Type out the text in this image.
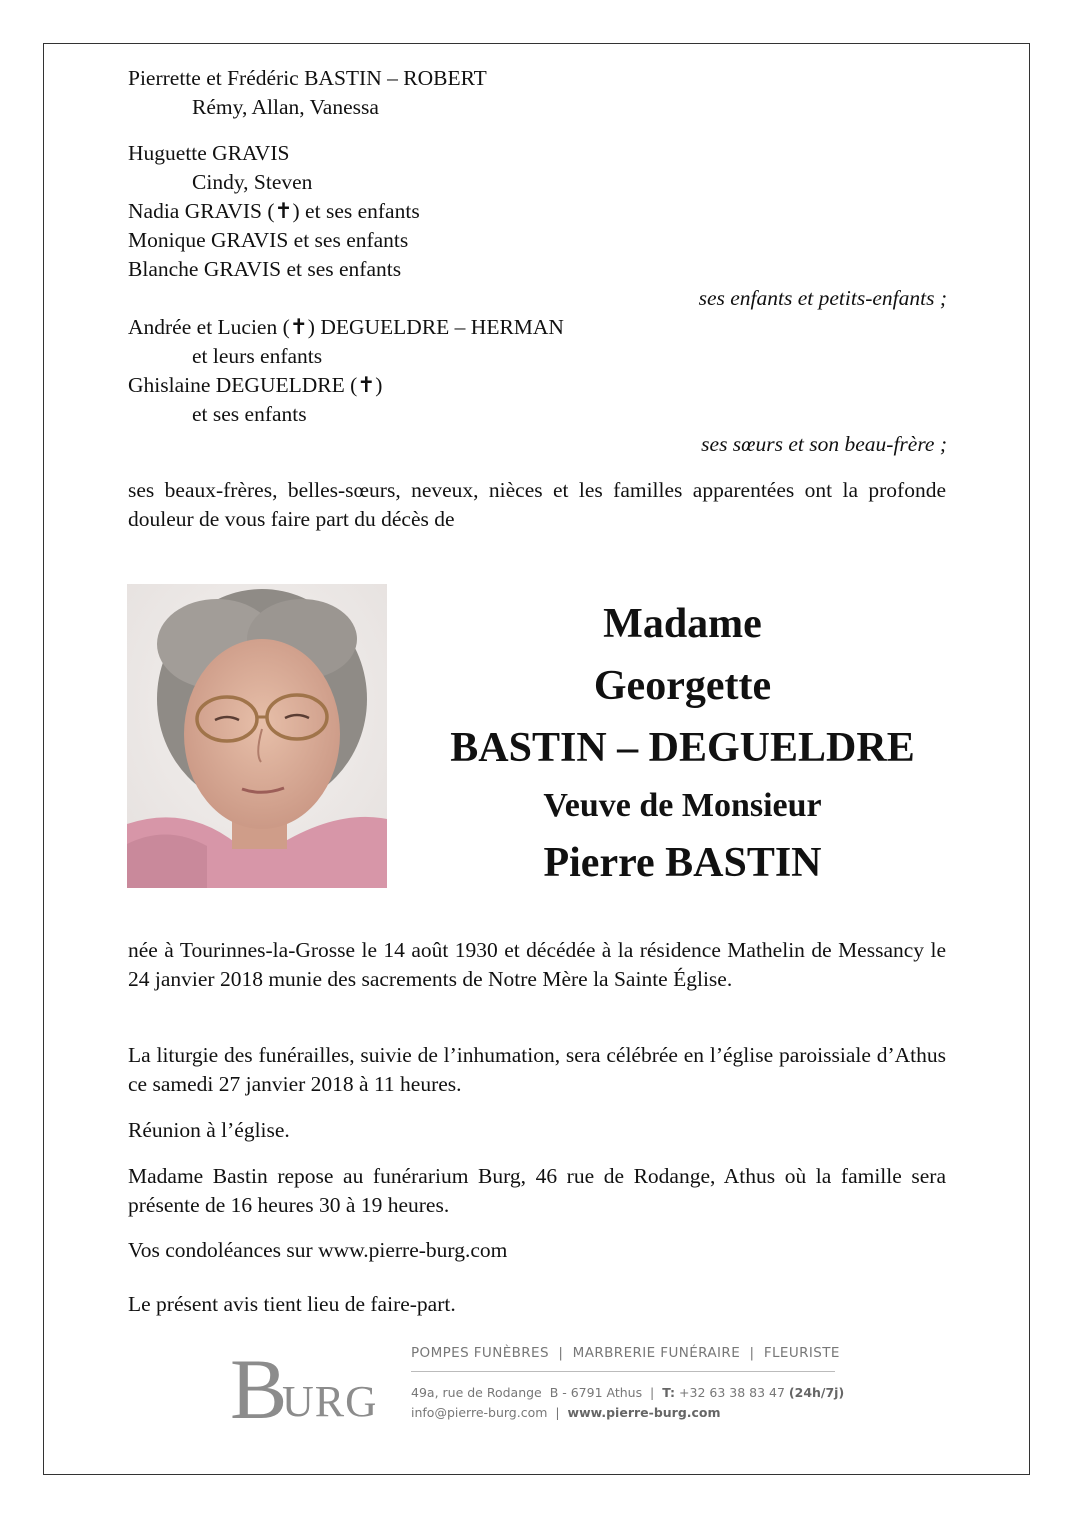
Pierrette et Frédéric BASTIN – ROBERT
Rémy, Allan, Vanessa
Huguette GRAVIS
Cindy, Steven
Nadia GRAVIS (✝) et ses enfants
Monique GRAVIS et ses enfants
Blanche GRAVIS et ses enfants
ses enfants et petits-enfants ;
Andrée et Lucien (✝) DEGUELDRE – HERMAN
et leurs enfants
Ghislaine DEGUELDRE (✝)
et ses enfants
ses sœurs et son beau-frère ;
ses beaux-frères, belles-sœurs, neveux, nièces et les familles apparentées ont la profonde douleur de vous faire part du décès de
Madame
Georgette
BASTIN – DEGUELDRE
Veuve de Monsieur
Pierre BASTIN
née à Tourinnes-la-Grosse le 14 août 1930 et décédée à la résidence Mathelin de Messancy le 24 janvier 2018 munie des sacrements de Notre Mère la Sainte Église.
La liturgie des funérailles, suivie de l’inhumation, sera célébrée en l’église paroissiale d’Athus ce samedi 27 janvier 2018 à 11 heures.
Réunion à l’église.
Madame Bastin repose au funérarium Burg, 46 rue de Rodange, Athus où la famille sera présente de 16 heures 30 à 19 heures.
Vos condoléances sur www.pierre-burg.com
Le présent avis tient lieu de faire-part.
B
URG
POMPES FUNÈBRES  |  MARBRERIE FUNÉRAIRE  |  FLEURISTE
49a, rue de Rodange  B - 6791 Athus  |  T: +32 63 38 83 47 (24h/7j)
info@pierre-burg.com  |  www.pierre-burg.com
